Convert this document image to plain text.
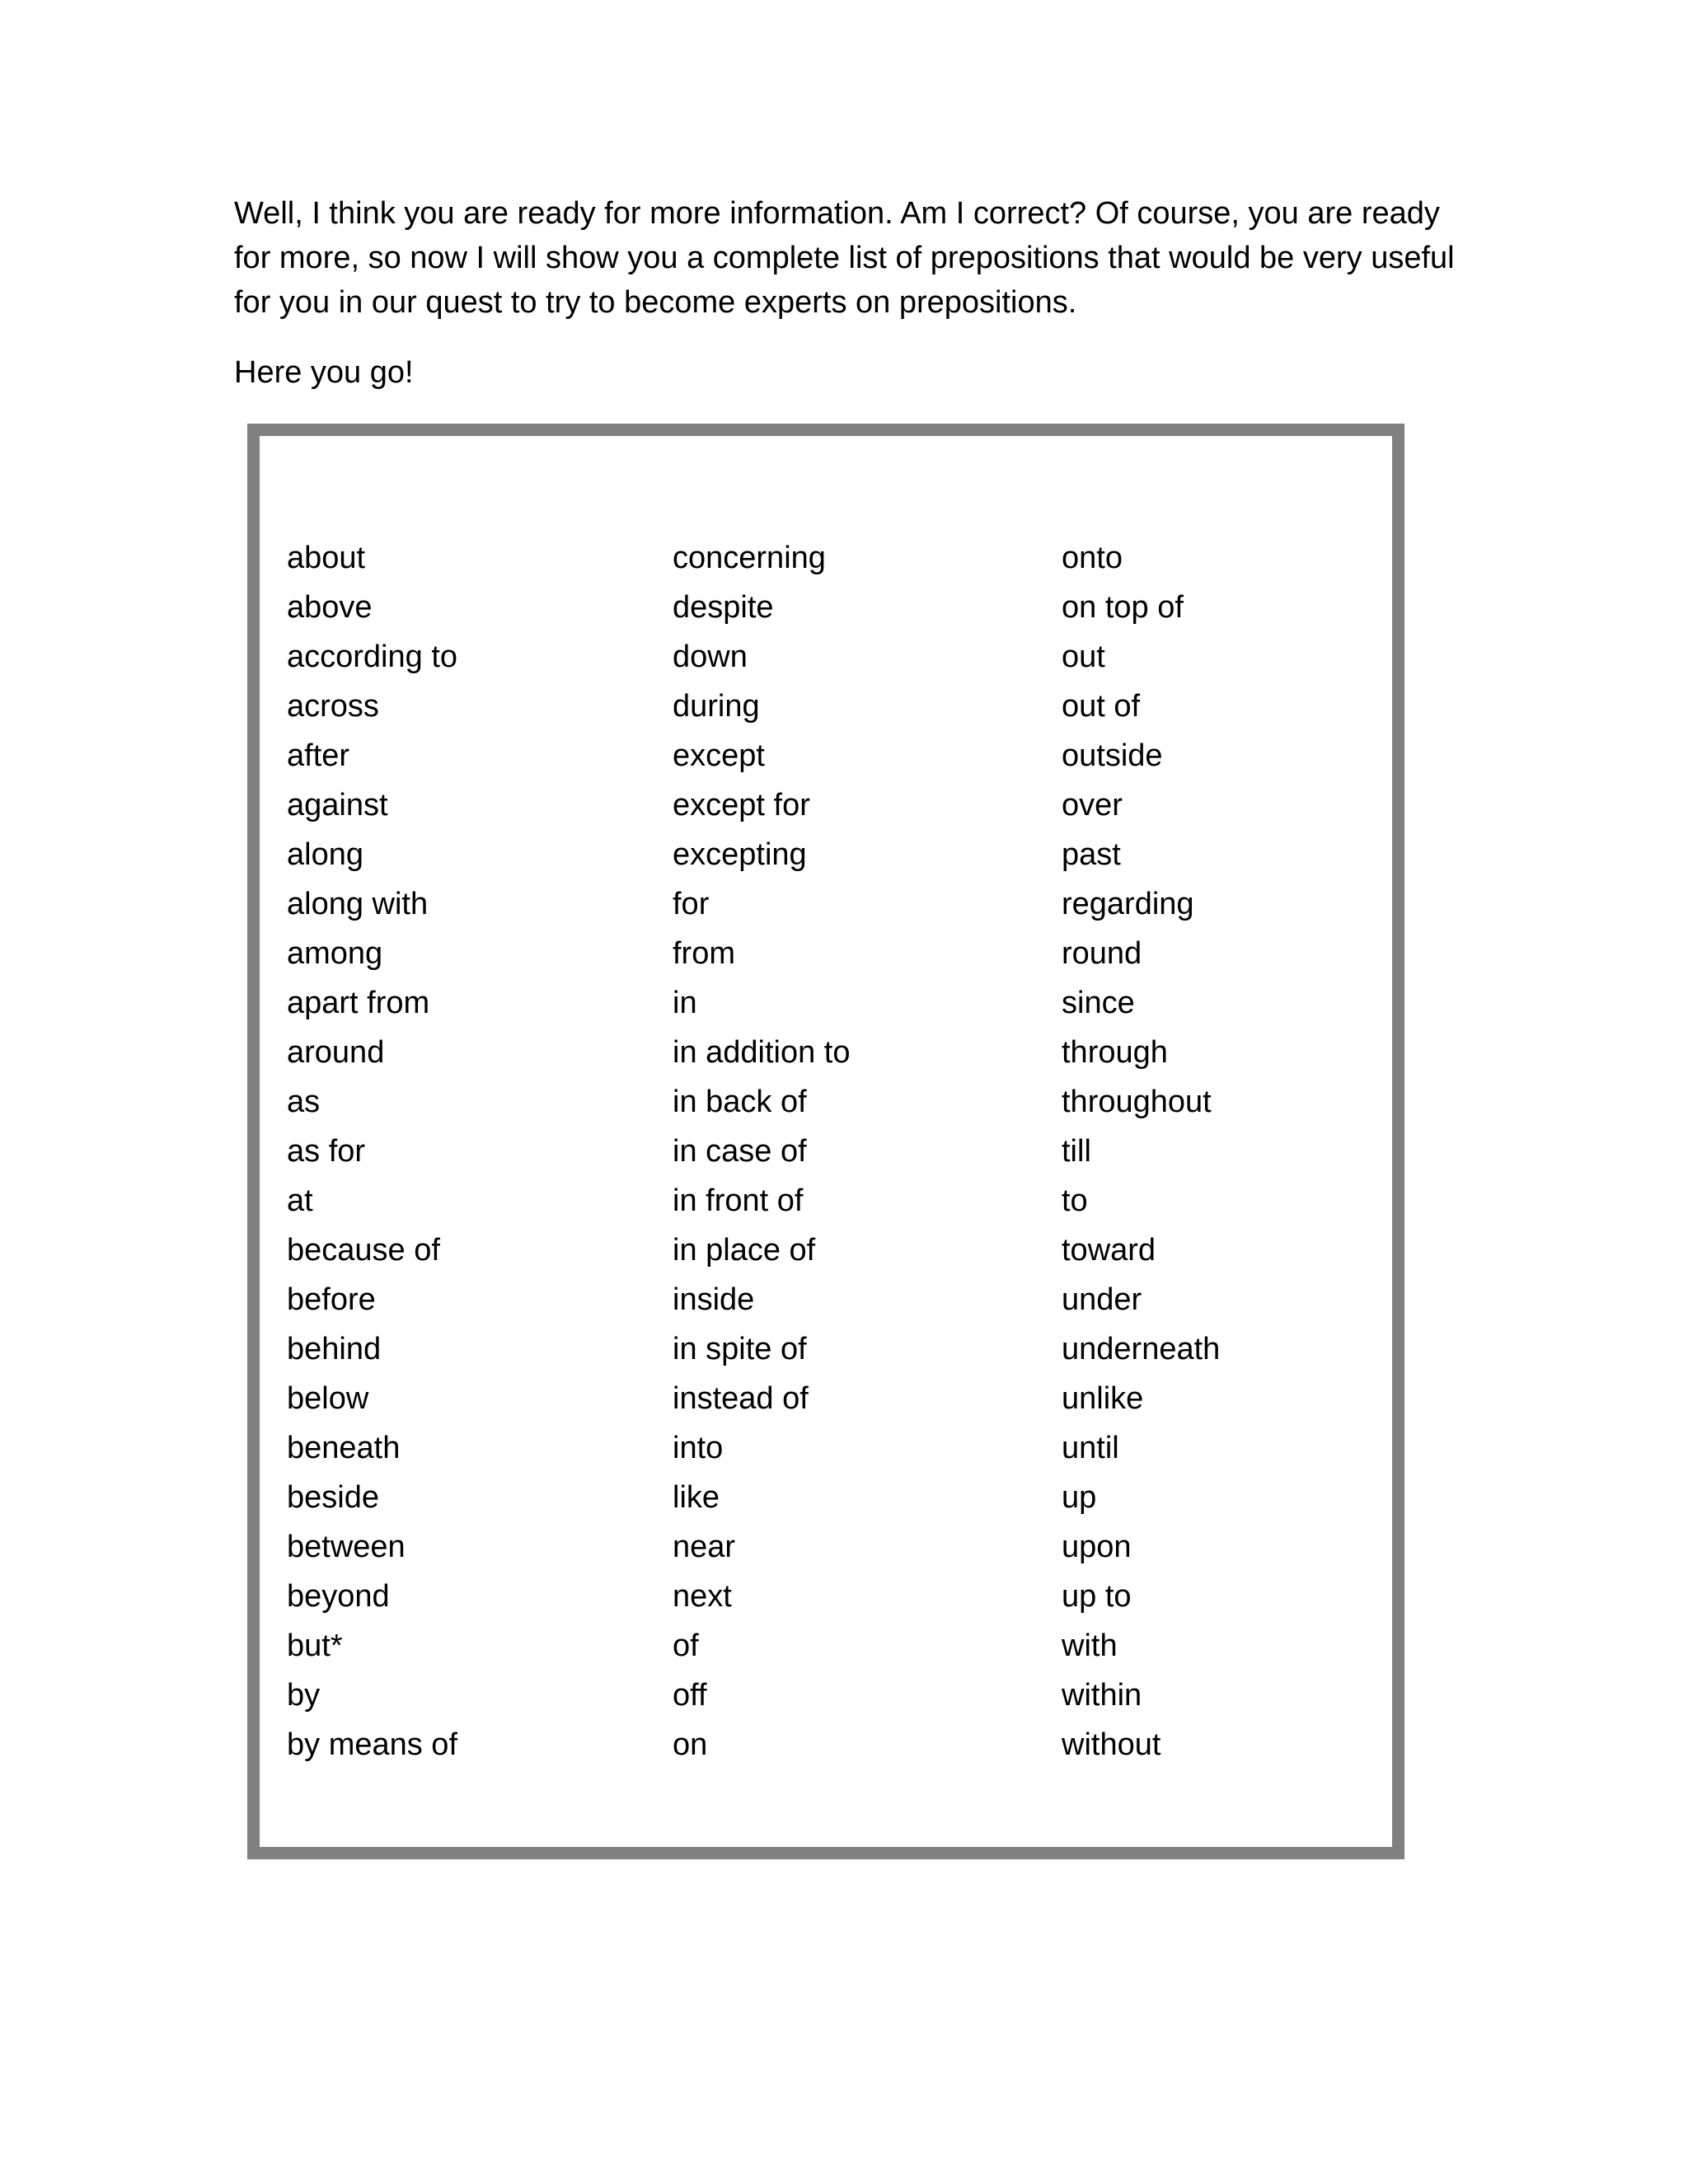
Well, I think you are ready for more information. Am I correct? Of course, you are ready for more, so now I will show you a complete list of prepositions that would be very useful for you in our quest to try to become experts on prepositions.

Here you go!

about
above
according to
across
after
against
along
along with
among
apart from
around
as
as for
at
because of
before
behind
below
beneath
beside
between
beyond
but*
by
by means of
concerning
despite
down
during
except
except for
excepting
for
from
in
in addition to
in back of
in case of
in front of
in place of
inside
in spite of
instead of
into
like
near
next
of
off
on
onto
on top of
out
out of
outside
over
past
regarding
round
since
through
throughout
till
to
toward
under
underneath
unlike
until
up
upon
up to
with
within
without
